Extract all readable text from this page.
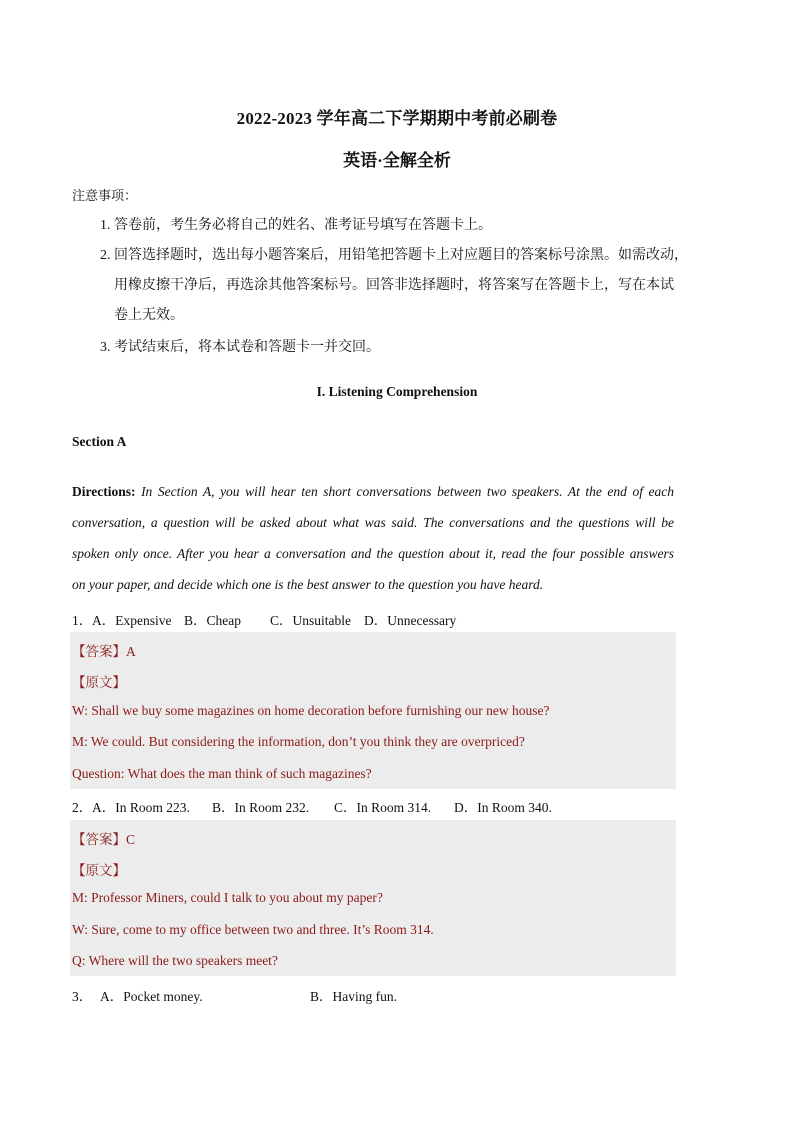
2022-2023 学年高二下学期期中考前必刷卷
英语·全解全析
注意事项：
1. 答卷前，考生务必将自己的姓名、准考证号填写在答题卡上。
2. 回答选择题时，选出每小题答案后，用铅笔把答题卡上对应题目的答案标号涂黑。如需改动，
用橡皮擦干净后，再选涂其他答案标号。回答非选择题时，将答案写在答题卡上，写在本试
卷上无效。
3. 考试结束后，将本试卷和答题卡一并交回。
I. Listening Comprehension
Section A
Directions: In Section A, you will hear ten short conversations between two speakers. At the end of each
conversation, a question will be asked about what was said. The conversations and the questions will be
spoken only once. After you hear a conversation and the question about it, read the four possible answers
on your paper, and decide which one is the best answer to the question you have heard.
1． A．Expensive B．Cheap C．Unsuitable D．Unnecessary
【答案】A
【原文】
W: Shall we buy some magazines on home decoration before furnishing our new house?
M: We could. But considering the information, don’t you think they are overpriced?
Question: What does the man think of such magazines?
2． A．In Room 223. B．In Room 232. C．In Room 314. D．In Room 340.
【答案】C
【原文】
M: Professor Miners, could I talk to you about my paper?
W: Sure, come to my office between two and three. It’s Room 314.
Q: Where will the two speakers meet?
3． A．Pocket money.	B．Having fun.
